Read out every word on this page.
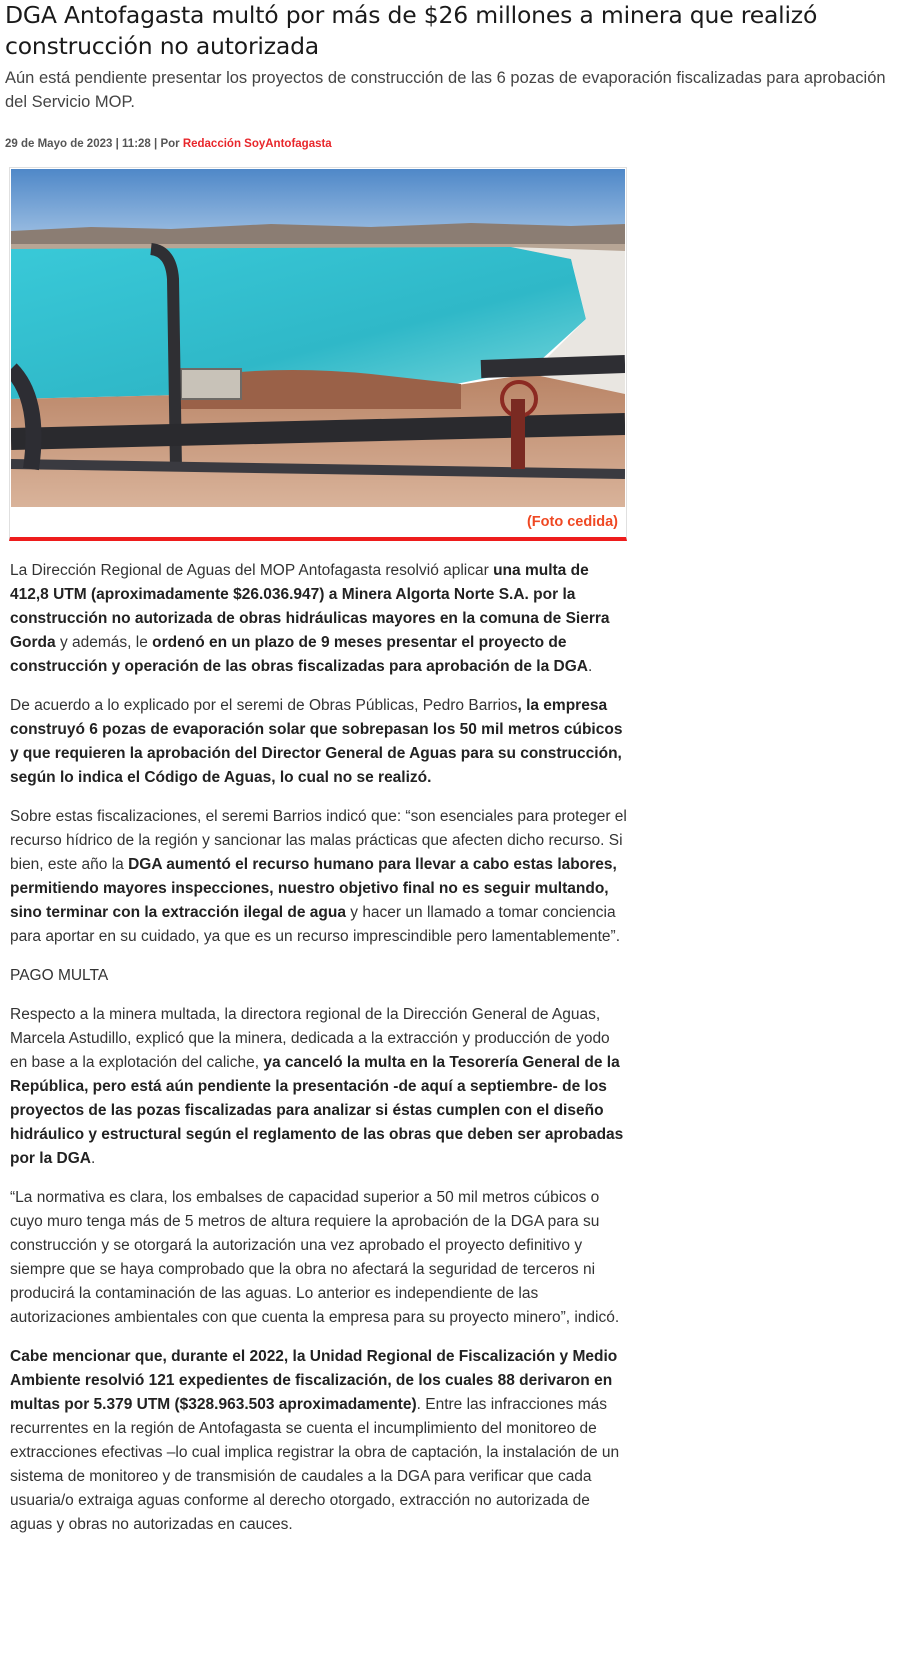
DGA Antofagasta multó por más de $26 millones a minera que realizó construcción no autorizada

Aún está pendiente presentar los proyectos de construcción de las 6 pozas de evaporación fiscalizadas para aprobación del Servicio MOP.

29 de Mayo de 2023 | 11:28 | Por Redacción SoyAntofagasta
(Foto cedida)

La Dirección Regional de Aguas del MOP Antofagasta resolvió aplicar una multa de 412,8 UTM (aproximadamente $26.036.947) a Minera Algorta Norte S.A. por la construcción no autorizada de obras hidráulicas mayores en la comuna de Sierra Gorda y además, le ordenó en un plazo de 9 meses presentar el proyecto de construcción y operación de las obras fiscalizadas para aprobación de la DGA.

De acuerdo a lo explicado por el seremi de Obras Públicas, Pedro Barrios, la empresa construyó 6 pozas de evaporación solar que sobrepasan los 50 mil metros cúbicos y que requieren la aprobación del Director General de Aguas para su construcción, según lo indica el Código de Aguas, lo cual no se realizó.

Sobre estas fiscalizaciones, el seremi Barrios indicó que: “son esenciales para proteger el recurso hídrico de la región y sancionar las malas prácticas que afecten dicho recurso. Si bien, este año la DGA aumentó el recurso humano para llevar a cabo estas labores, permitiendo mayores inspecciones, nuestro objetivo final no es seguir multando, sino terminar con la extracción ilegal de agua y hacer un llamado a tomar conciencia para aportar en su cuidado, ya que es un recurso imprescindible pero lamentablemente”.

PAGO MULTA

Respecto a la minera multada, la directora regional de la Dirección General de Aguas, Marcela Astudillo, explicó que la minera, dedicada a la extracción y producción de yodo en base a la explotación del caliche, ya canceló la multa en la Tesorería General de la República, pero está aún pendiente la presentación -de aquí a septiembre- de los proyectos de las pozas fiscalizadas para analizar si éstas cumplen con el diseño hidráulico y estructural según el reglamento de las obras que deben ser aprobadas por la DGA.

“La normativa es clara, los embalses de capacidad superior a 50 mil metros cúbicos o cuyo muro tenga más de 5 metros de altura requiere la aprobación de la DGA para su construcción y se otorgará la autorización una vez aprobado el proyecto definitivo y siempre que se haya comprobado que la obra no afectará la seguridad de terceros ni producirá la contaminación de las aguas. Lo anterior es independiente de las autorizaciones ambientales con que cuenta la empresa para su proyecto minero”, indicó.

Cabe mencionar que, durante el 2022, la Unidad Regional de Fiscalización y Medio Ambiente resolvió 121 expedientes de fiscalización, de los cuales 88 derivaron en multas por 5.379 UTM ($328.963.503 aproximadamente). Entre las infracciones más recurrentes en la región de Antofagasta se cuenta el incumplimiento del monitoreo de extracciones efectivas –lo cual implica registrar la obra de captación, la instalación de un sistema de monitoreo y de transmisión de caudales a la DGA para verificar que cada usuaria/o extraiga aguas conforme al derecho otorgado, extracción no autorizada de aguas y obras no autorizadas en cauces.
